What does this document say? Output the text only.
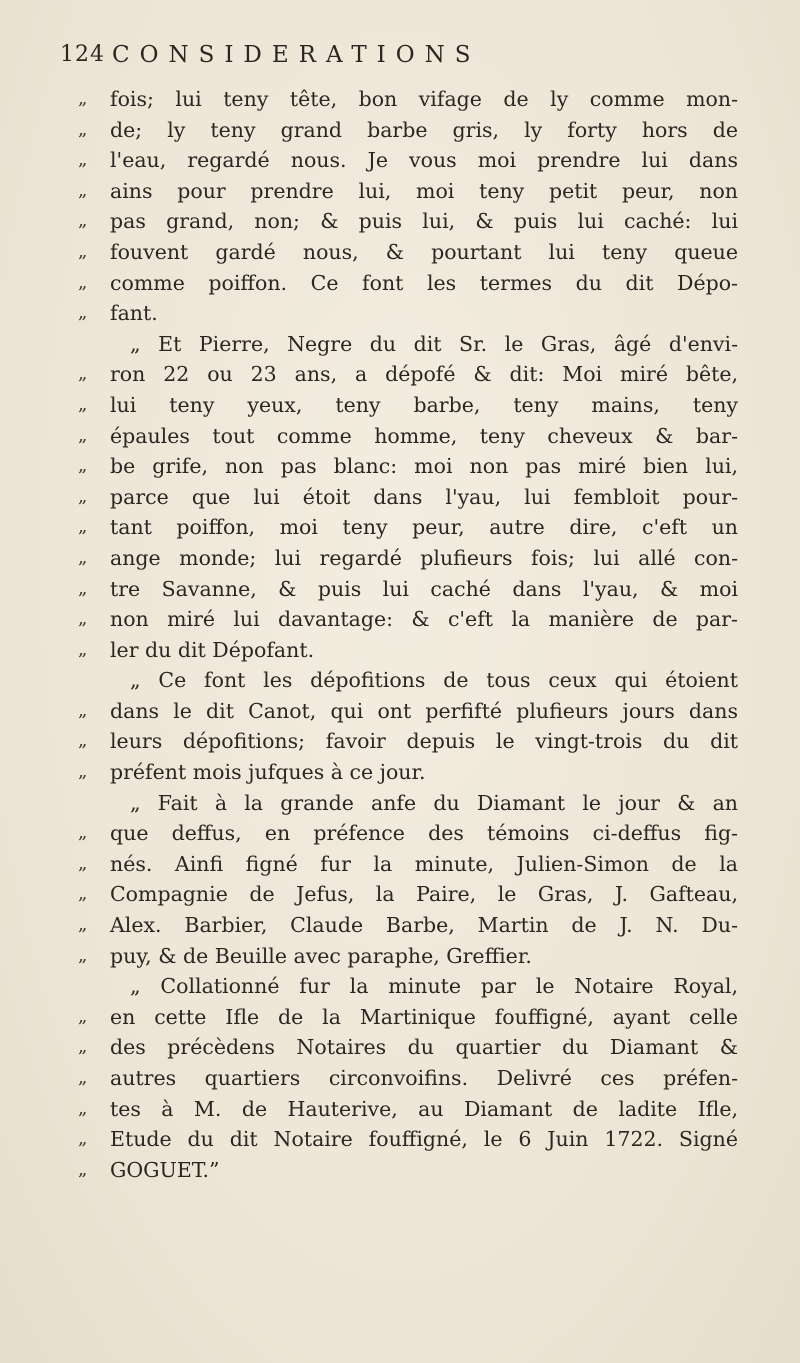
124 CONSIDERATIONS
„	fois; lui teny tête, bon vifage de ly comme mon-
„	de; ly teny grand barbe gris, ly forty hors de
„	l'eau, regardé nous. Je vous moi prendre lui dans
„	ains pour prendre lui, moi teny petit peur, non
„	pas grand, non; & puis lui, & puis lui caché: lui
„	fouvent gardé nous, & pourtant lui teny queue
„	comme poiffon. Ce font les termes du dit Dépo-
„	fant.
„ Et Pierre, Negre du dit Sr. le Gras, âgé d'envi-
„	ron 22 ou 23 ans, a dépofé & dit: Moi miré bête,
„	lui teny yeux, teny barbe, teny mains, teny
„	épaules tout comme homme, teny cheveux & bar-
„	be grife, non pas blanc: moi non pas miré bien lui,
„	parce que lui étoit dans l'yau, lui fembloit pour-
„	tant poiffon, moi teny peur, autre dire, c'eft un
„	ange monde; lui regardé plufieurs fois; lui allé con-
„	tre Savanne, & puis lui caché dans l'yau, & moi
„	non miré lui davantage: & c'eft la manière de par-
„	ler du dit Dépofant.
„ Ce font les dépofitions de tous ceux qui étoient
„	dans le dit Canot, qui ont perfifté plufieurs jours dans
„	leurs dépofitions; favoir depuis le vingt-trois du dit
„	préfent mois jufques à ce jour.
„ Fait à la grande anfe du Diamant le jour & an
„	que deffus, en préfence des témoins ci-deffus fig-
„	nés. Ainfi figné fur la minute, Julien-Simon de la
„	Compagnie de Jefus, la Paire, le Gras, J. Gafteau,
„	Alex. Barbier, Claude Barbe, Martin de J. N. Du-
„	puy, & de Beuille avec paraphe, Greffier.
„ Collationné fur la minute par le Notaire Royal,
„	en cette Ifle de la Martinique fouffigné, ayant celle
„	des précèdens Notaires du quartier du Diamant &
„	autres quartiers circonvoifins. Delivré ces préfen-
„	tes à M. de Hauterive, au Diamant de ladite Ifle,
„	Etude du dit Notaire fouffigné, le 6 Juin 1722. Signé
„	GOGUET.”
